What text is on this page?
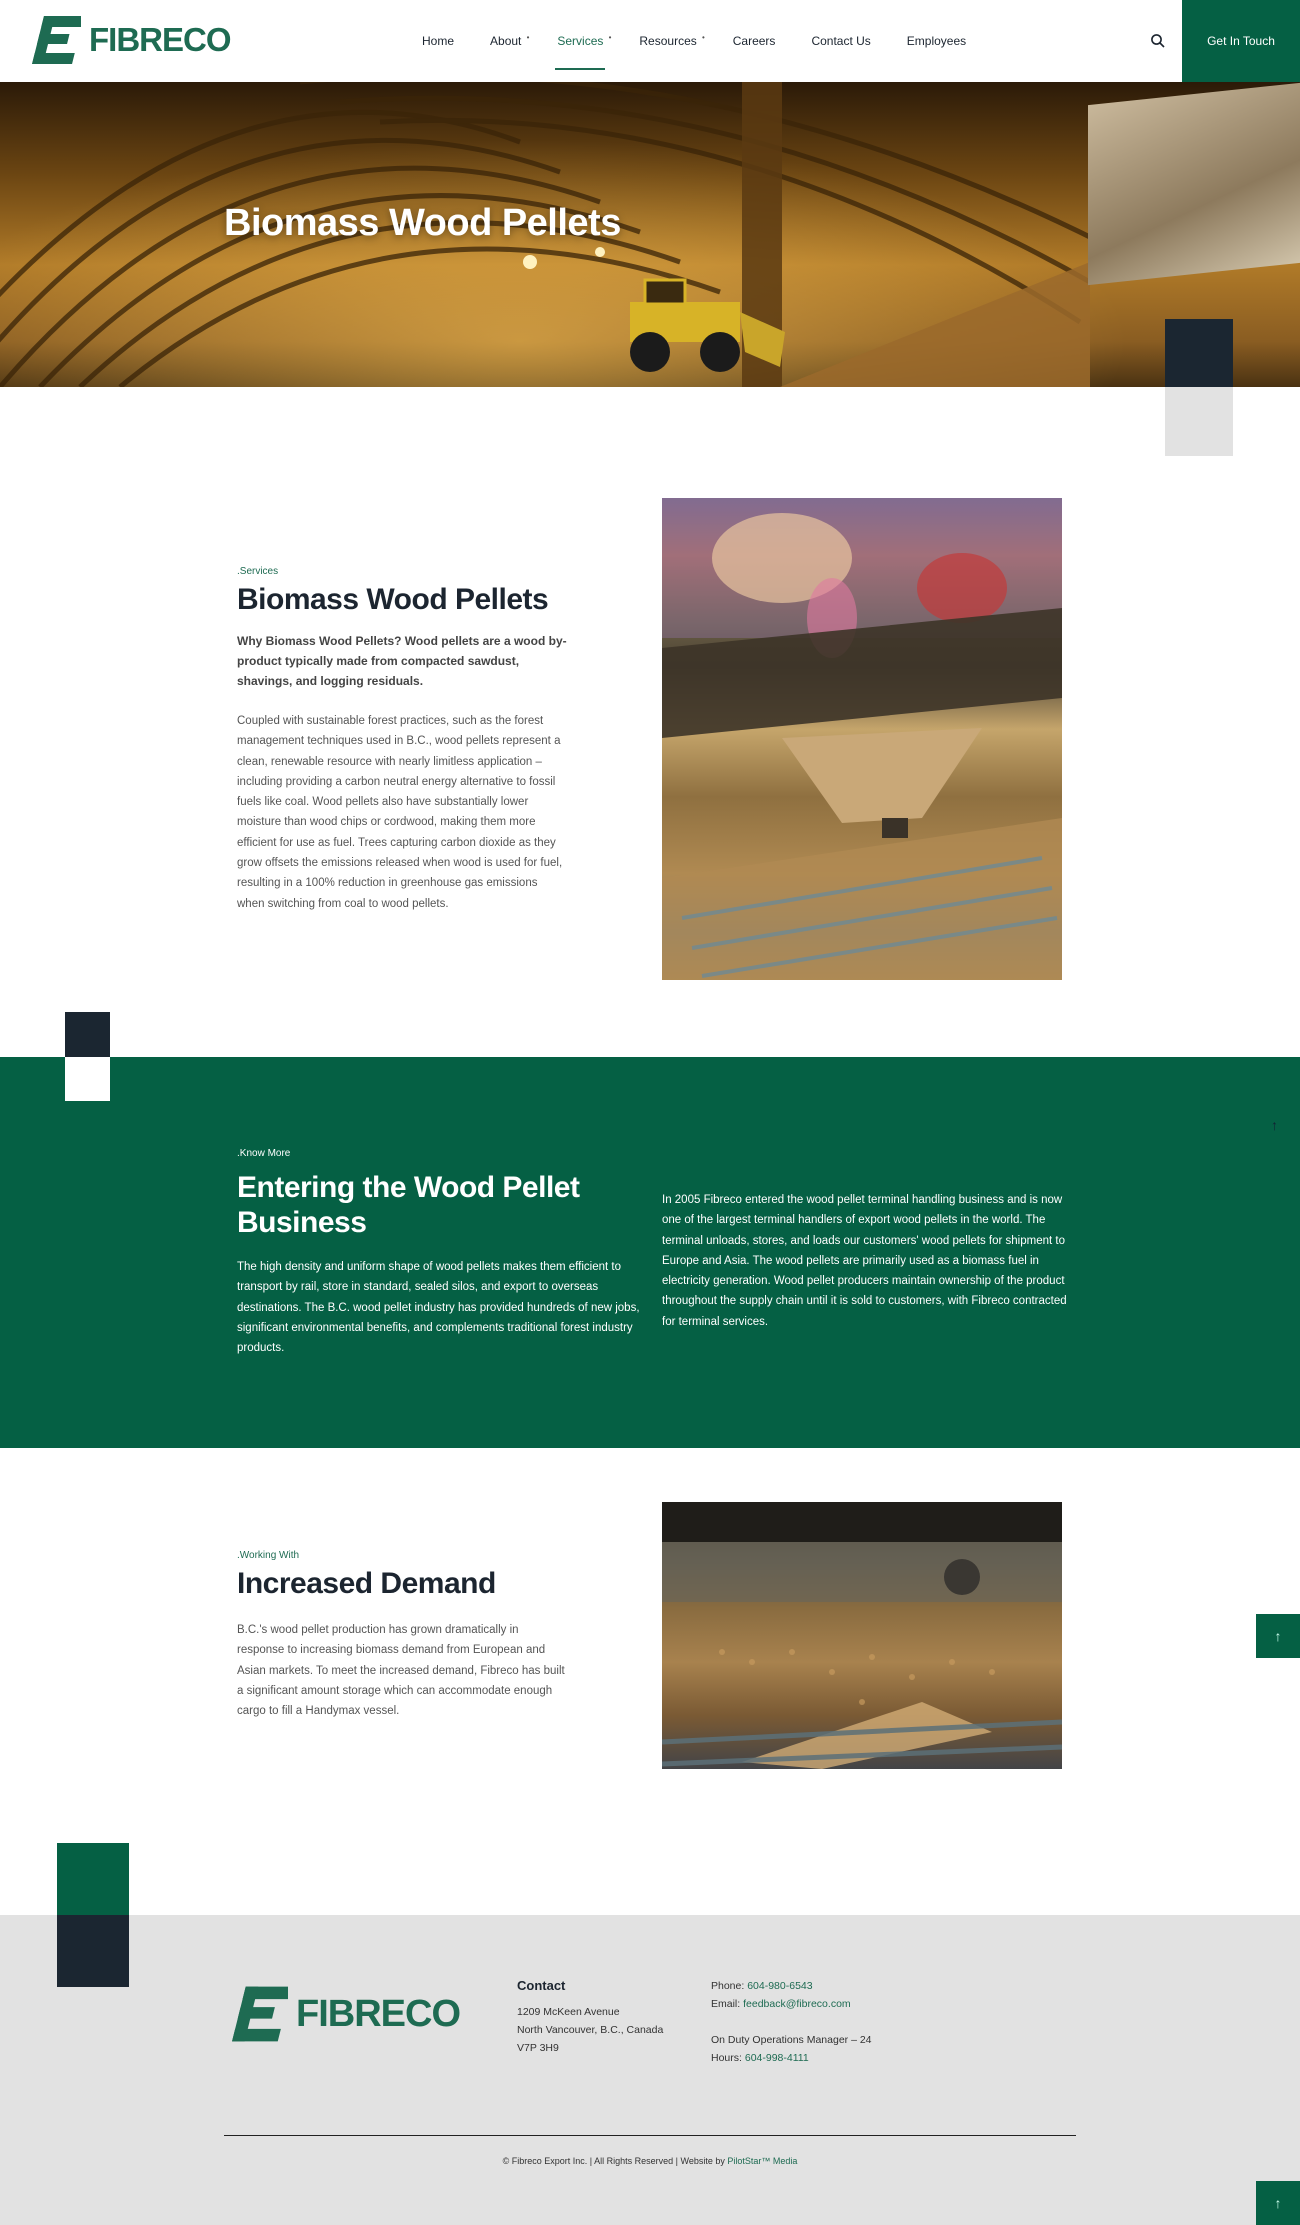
FIBRECO	Home	About • Services • Resources • Careers	Contact Us	Employees	Get In Touch
Biomass Wood Pellets
.Services
Biomass Wood Pellets

Why Biomass Wood Pellets? Wood pellets are a wood by-product typically made from compacted sawdust, shavings, and logging residuals.

Coupled with sustainable forest practices, such as the forest management techniques used in B.C., wood pellets represent a clean, renewable resource with nearly limitless application – including providing a carbon neutral energy alternative to fossil fuels like coal. Wood pellets also have substantially lower moisture than wood chips or cordwood, making them more efficient for use as fuel. Trees capturing carbon dioxide as they grow offsets the emissions released when wood is used for fuel, resulting in a 100% reduction in greenhouse gas emissions when switching from coal to wood pellets.

.Know More
Entering the Wood Pellet Business

The high density and uniform shape of wood pellets makes them efficient to transport by rail, store in standard, sealed silos, and export to overseas destinations. The B.C. wood pellet industry has provided hundreds of new jobs, significant environmental benefits, and complements traditional forest industry products.

In 2005 Fibreco entered the wood pellet terminal handling business and is now one of the largest terminal handlers of export wood pellets in the world. The terminal unloads, stores, and loads our customers' wood pellets for shipment to Europe and Asia. The wood pellets are primarily used as a biomass fuel in electricity generation. Wood pellet producers maintain ownership of the product throughout the supply chain until it is sold to customers, with Fibreco contracted for terminal services.

↑
.Working With
Increased Demand

B.C.'s wood pellet production has grown dramatically in response to increasing biomass demand from European and Asian markets. To meet the increased demand, Fibreco has built a significant amount storage which can accommodate enough cargo to fill a Handymax vessel.

↑
FIBRECO
Contact
1209 McKeen Avenue
North Vancouver, B.C., Canada
V7P 3H9
Phone: 604-980-6543
Email: feedback@fibreco.com
On Duty Operations Manager – 24
Hours: 604-998-4111
© Fibreco Export Inc. | All Rights Reserved | Website by PilotStar™ Media
↑
